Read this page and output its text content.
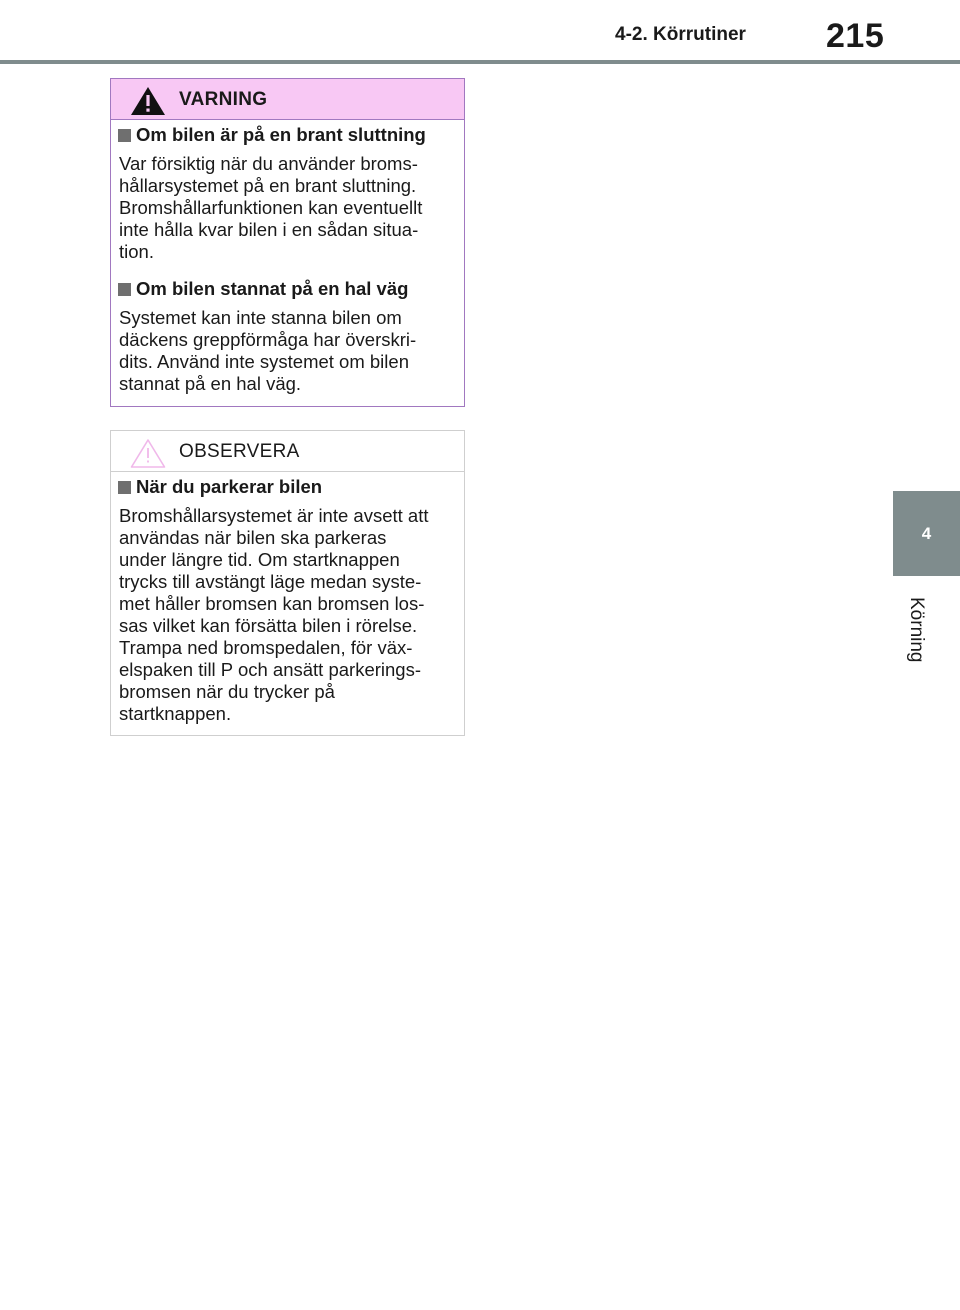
4-2. Körrutiner 215
4
Körning
VARNING
Om bilen är på en brant sluttning
Var försiktig när du använder broms-
hållarsystemet på en brant sluttning.
Bromshållarfunktionen kan eventuellt
inte hålla kvar bilen i en sådan situa-
tion.
Om bilen stannat på en hal väg
Systemet kan inte stanna bilen om
däckens greppförmåga har överskri-
dits. Använd inte systemet om bilen
stannat på en hal väg.
OBSERVERA
När du parkerar bilen
Bromshållarsystemet är inte avsett att
användas när bilen ska parkeras
under längre tid. Om startknappen
trycks till avstängt läge medan syste-
met håller bromsen kan bromsen los-
sas vilket kan försätta bilen i rörelse.
Trampa ned bromspedalen, för väx-
elspaken till P och ansätt parkerings-
bromsen när du trycker på
startknappen.
